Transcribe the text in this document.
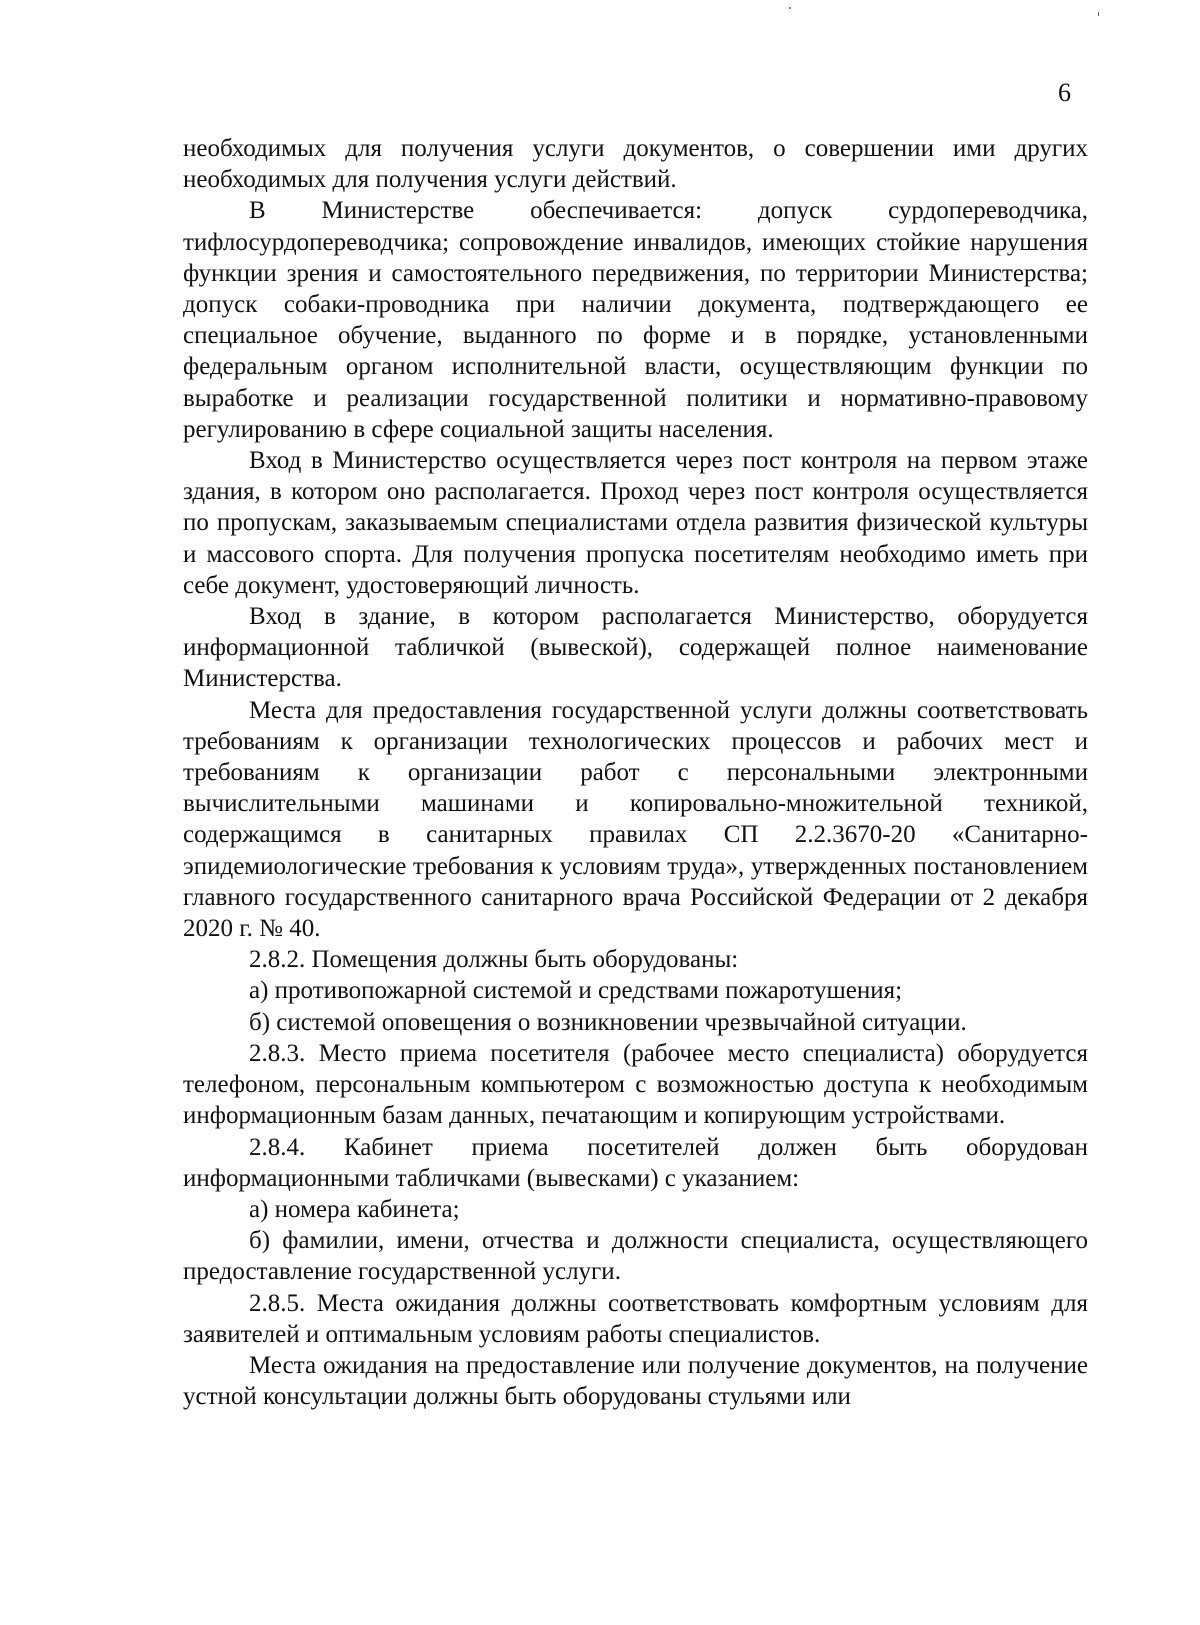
6

необходимых для получения услуги документов, о совершении ими других необходимых для получения услуги действий.

В Министерстве обеспечивается: допуск сурдопереводчика, тифлосурдопереводчика; сопровождение инвалидов, имеющих стойкие нарушения функции зрения и самостоятельного передвижения, по территории Министерства; допуск собаки-проводника при наличии документа, подтверждающего ее специальное обучение, выданного по форме и в порядке, установленными федеральным органом исполнительной власти, осуществляющим функции по выработке и реализации государственной политики и нормативно-правовому регулированию в сфере социальной защиты населения.

Вход в Министерство осуществляется через пост контроля на первом этаже здания, в котором оно располагается. Проход через пост контроля осуществляется по пропускам, заказываемым специалистами отдела развития физической культуры и массового спорта. Для получения пропуска посетителям необходимо иметь при себе документ, удостоверяющий личность.

Вход в здание, в котором располагается Министерство, оборудуется информационной табличкой (вывеской), содержащей полное наименование Министерства.

Места для предоставления государственной услуги должны соответствовать требованиям к организации технологических процессов и рабочих мест и требованиям к организации работ с персональными электронными вычислительными машинами и копировально-множительной техникой, содержащимся в санитарных правилах СП 2.2.3670-20 «Санитарно-эпидемиологические требования к условиям труда», утвержденных постановлением главного государственного санитарного врача Российской Федерации от 2 декабря 2020 г. № 40.

2.8.2. Помещения должны быть оборудованы:

а) противопожарной системой и средствами пожаротушения;

б) системой оповещения о возникновении чрезвычайной ситуации.

2.8.3. Место приема посетителя (рабочее место специалиста) оборудуется телефоном, персональным компьютером с возможностью доступа к необходимым информационным базам данных, печатающим и копирующим устройствами.

2.8.4. Кабинет приема посетителей должен быть оборудован информационными табличками (вывесками) с указанием:

а) номера кабинета;

б) фамилии, имени, отчества и должности специалиста, осуществляющего предоставление государственной услуги.

2.8.5. Места ожидания должны соответствовать комфортным условиям для заявителей и оптимальным условиям работы специалистов.

Места ожидания на предоставление или получение документов, на получение устной консультации должны быть оборудованы стульями или
